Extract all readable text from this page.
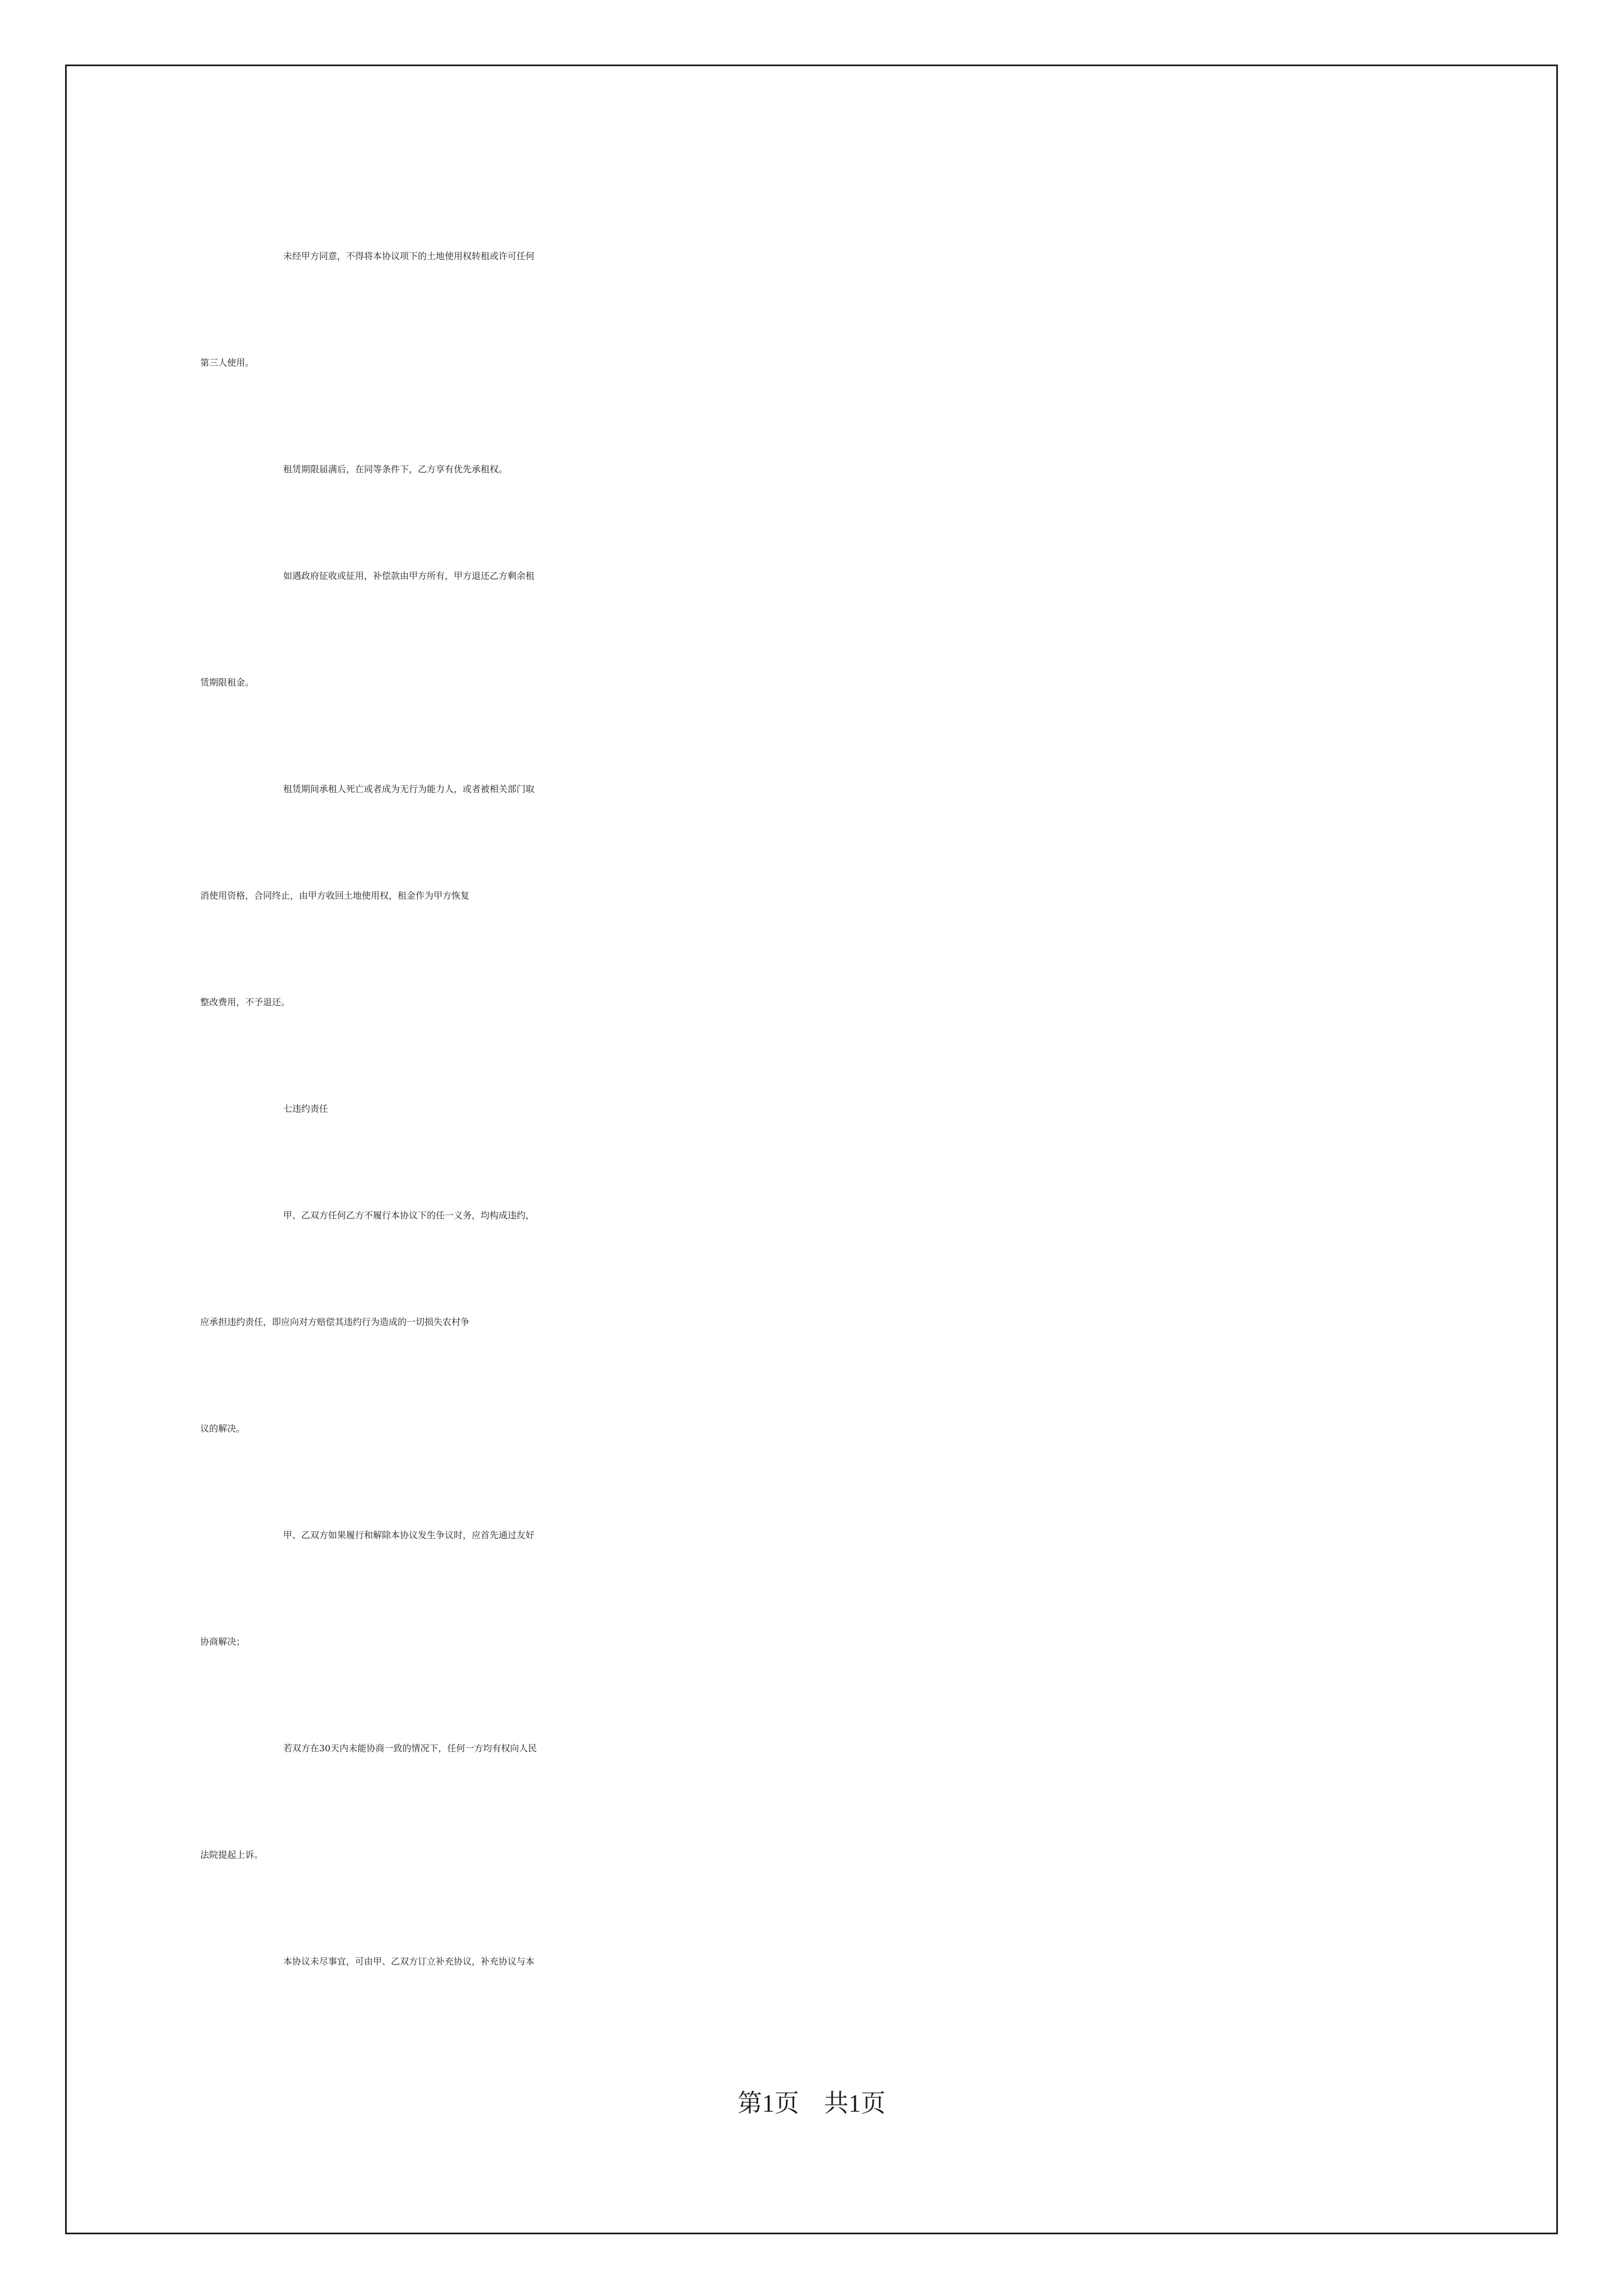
未经甲方同意，不得将本协议项下的土地使用权转租或许可任何
第三人使用。
租赁期限届满后，在同等条件下，乙方享有优先承租权。
如遇政府征收或征用，补偿款由甲方所有，甲方退还乙方剩余租
赁期限租金。
租赁期间承租人死亡或者成为无行为能力人，或者被相关部门取
消使用资格，合同终止，由甲方收回土地使用权，租金作为甲方恢复
整改费用，不予退还。
七违约责任
甲、乙双方任何乙方不履行本协议下的任一义务，均构成违约，
应承担违约责任，即应向对方赔偿其违约行为造成的一切损失农村争
议的解决。
甲、乙双方如果履行和解除本协议发生争议时，应首先通过友好
协商解决；
若双方在30天内未能协商一致的情况下，任何一方均有权向人民
法院提起上诉。
本协议未尽事宜，可由甲、乙双方订立补充协议，补充协议与本
第1页 共1页
